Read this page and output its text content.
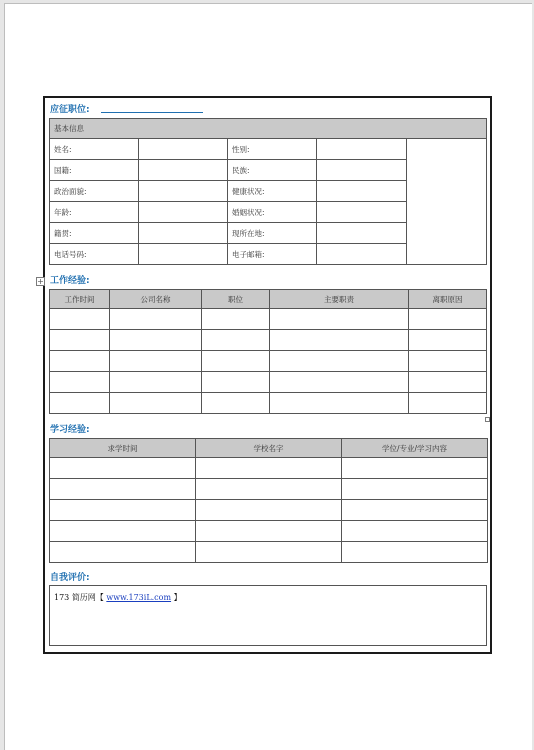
应征职位:
基本信息				
姓名:		性别:		
国籍:		民族:		
政治面貌:		健康状况:		
年龄:		婚姻状况:		
籍贯:		现所在地:		
电话号码:		电子邮箱:		
+ 工作经验:
工作时间	公司名称	职位	主要职责	离职原因

学习经验:
求学时间	学校名字	学位/专业/学习内容

自我评价:
173 简历网【 www.173iL.com 】
